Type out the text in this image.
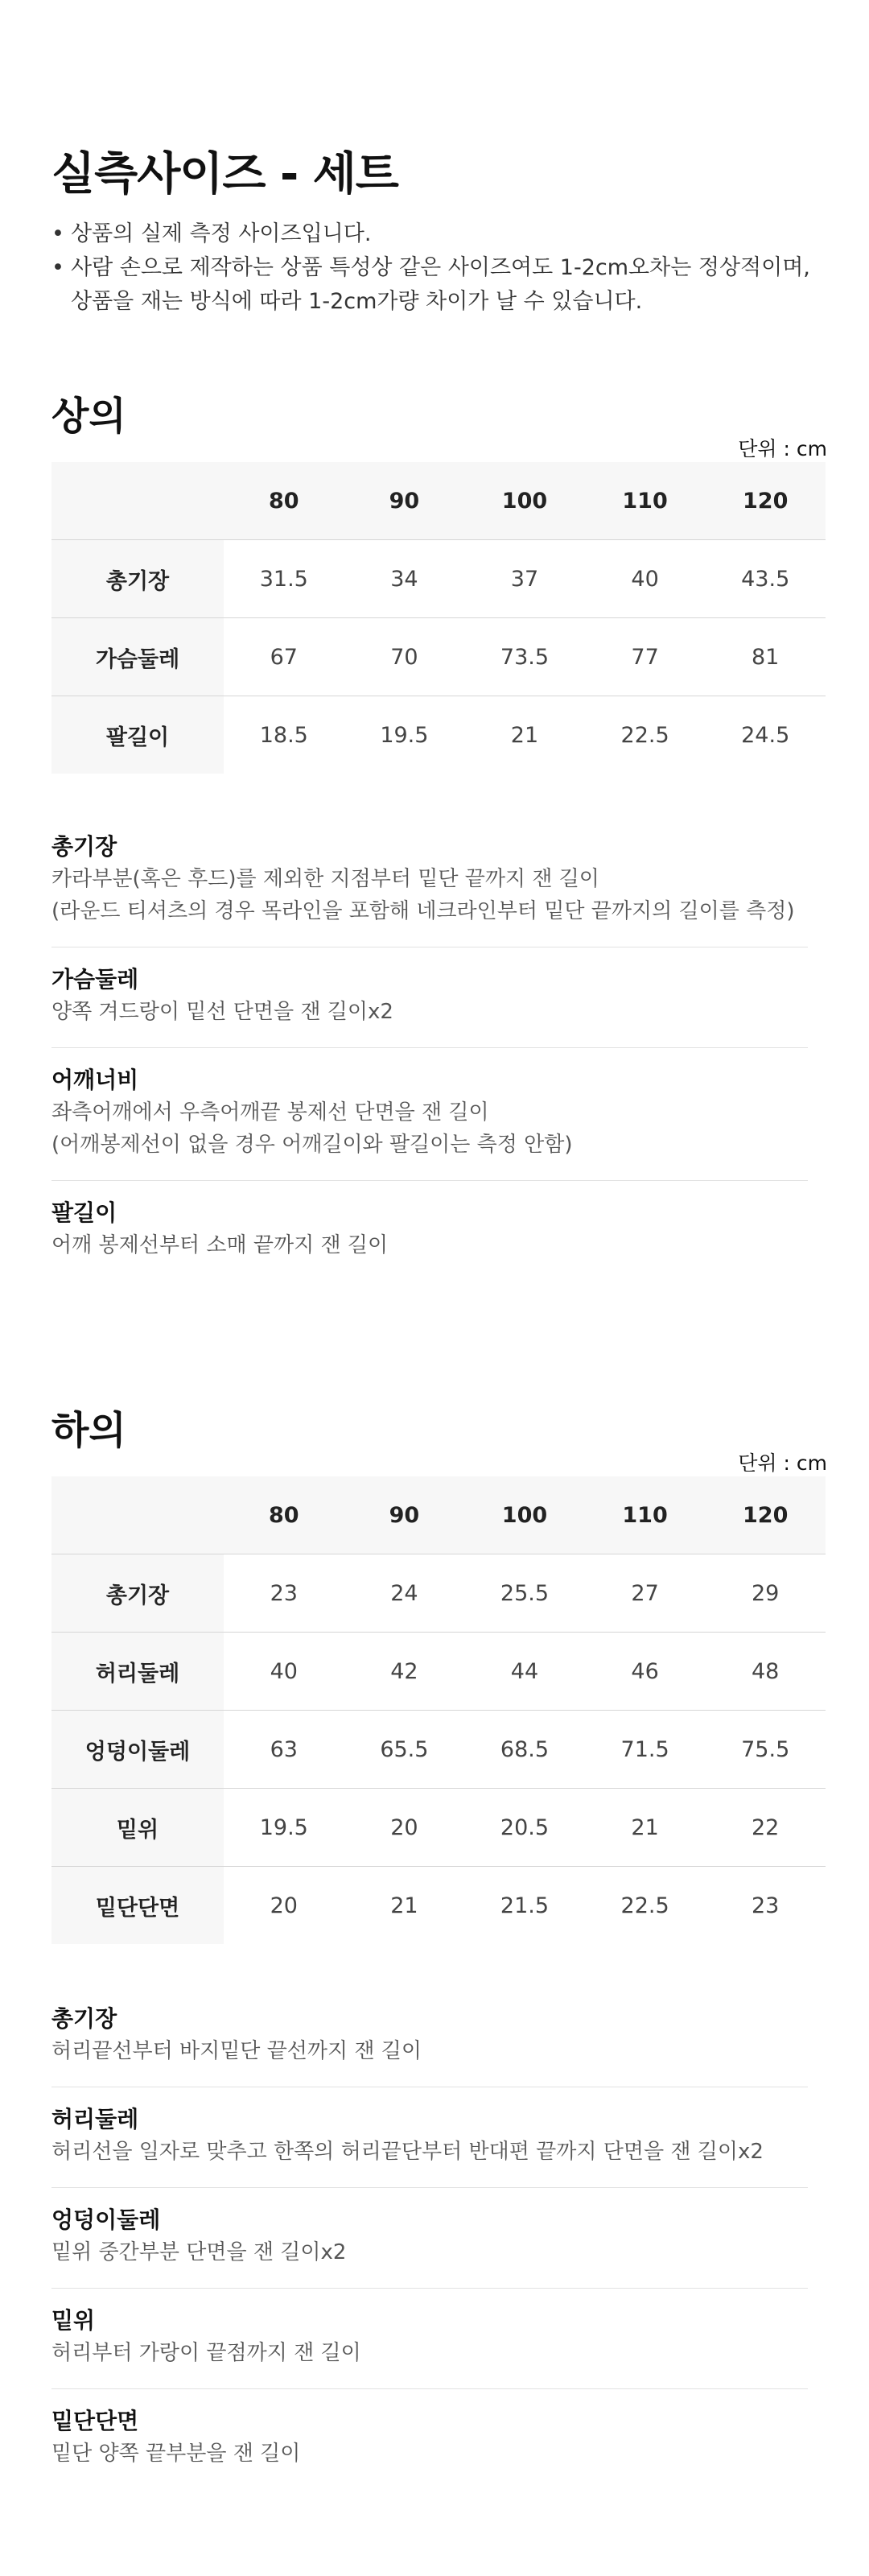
실측사이즈 - 세트
• 상품의 실제 측정 사이즈입니다.
• 사람 손으로 제작하는 상품 특성상 같은 사이즈여도 1-2cm오차는 정상적이며, 상품을 재는 방식에 따라 1-2cm가량 차이가 날 수 있습니다.
상의
단위 : cm
	80	90	100	110	120
총기장	31.5	34	37	40	43.5
가슴둘레	67	70	73.5	77	81
팔길이	18.5	19.5	21	22.5	24.5
총기장
카라부분(혹은 후드)를 제외한 지점부터 밑단 끝까지 잰 길이
(라운드 티셔츠의 경우 목라인을 포함해 네크라인부터 밑단 끝까지의 길이를 측정)
가슴둘레
양쪽 겨드랑이 밑선 단면을 잰 길이x2
어깨너비
좌측어깨에서 우측어깨끝 봉제선 단면을 잰 길이
(어깨봉제선이 없을 경우 어깨길이와 팔길이는 측정 안함)
팔길이
어깨 봉제선부터 소매 끝까지 잰 길이
하의
단위 : cm
	80	90	100	110	120
총기장	23	24	25.5	27	29
허리둘레	40	42	44	46	48
엉덩이둘레	63	65.5	68.5	71.5	75.5
밑위	19.5	20	20.5	21	22
밑단단면	20	21	21.5	22.5	23
총기장
허리끝선부터 바지밑단 끝선까지 잰 길이
허리둘레
허리선을 일자로 맞추고 한쪽의 허리끝단부터 반대편 끝까지 단면을 잰 길이x2
엉덩이둘레
밑위 중간부분 단면을 잰 길이x2
밑위
허리부터 가랑이 끝점까지 잰 길이
밑단단면
밑단 양쪽 끝부분을 잰 길이
